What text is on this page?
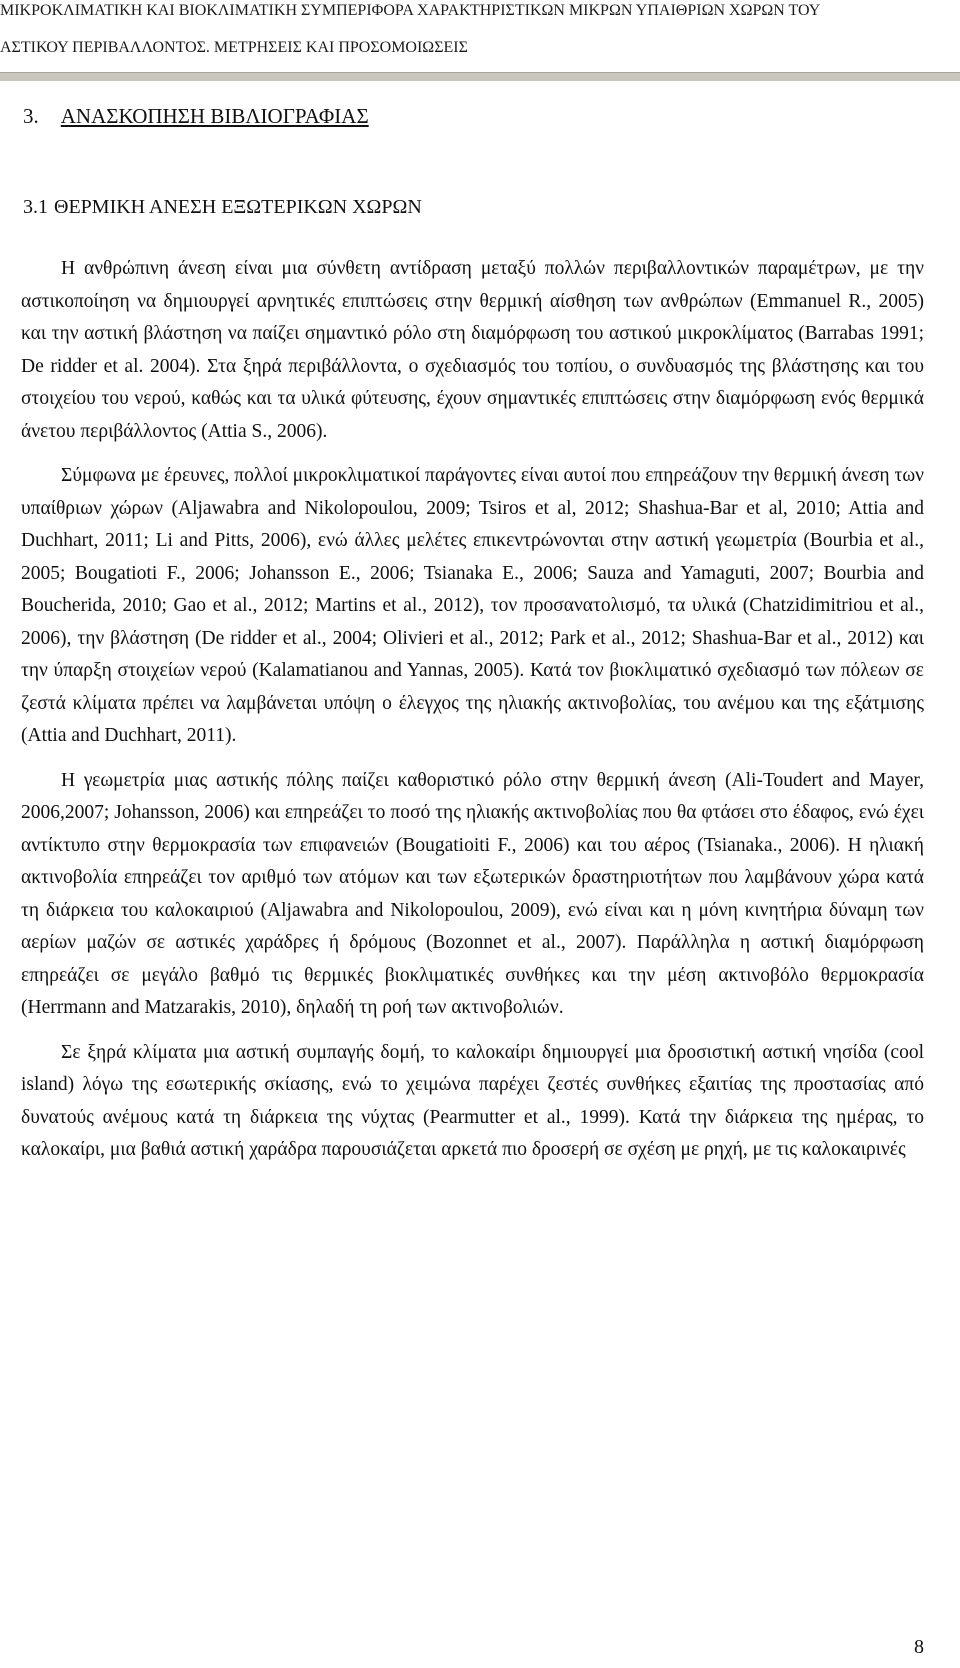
ΜΙΚΡΟΚΛΙΜΑΤΙΚΗ ΚΑΙ ΒΙΟΚΛΙΜΑΤΙΚΗ ΣΥΜΠΕΡΙΦΟΡΑ ΧΑΡΑΚΤΗΡΙΣΤΙΚΩΝ ΜΙΚΡΩΝ ΥΠΑΙΘΡΙΩΝ ΧΩΡΩΝ ΤΟΥ
ΑΣΤΙΚΟΥ ΠΕΡΙΒΑΛΛΟΝΤΟΣ. ΜΕΤΡΗΣΕΙΣ ΚΑΙ ΠΡΟΣΟΜΟΙΩΣΕΙΣ
3. ΑΝΑΣΚΟΠΗΣΗ ΒΙΒΛΙΟΓΡΑΦΙΑΣ
3.1 ΘΕΡΜΙΚΗ ΑΝΕΣΗ ΕΞΩΤΕΡΙΚΩΝ ΧΩΡΩΝ

Η ανθρώπινη άνεση είναι μια σύνθετη αντίδραση μεταξύ πολλών περιβαλλοντικών παραμέτρων, με την αστικοποίηση να δημιουργεί αρνητικές επιπτώσεις στην θερμική αίσθηση των ανθρώπων (Emmanuel R., 2005) και την αστική βλάστηση να παίζει σημαντικό ρόλο στη διαμόρφωση του αστικού μικροκλίματος (Barrabas 1991; De ridder et al. 2004). Στα ξηρά περιβάλλοντα, ο σχεδιασμός του τοπίου, ο συνδυασμός της βλάστησης και του στοιχείου του νερού, καθώς και τα υλικά φύτευσης, έχουν σημαντικές επιπτώσεις στην διαμόρφωση ενός θερμικά άνετου περιβάλλοντος (Attia S., 2006).

Σύμφωνα με έρευνες, πολλοί μικροκλιματικοί παράγοντες είναι αυτοί που επηρεάζουν την θερμική άνεση των υπαίθριων χώρων (Aljawabra and Nikolopoulou, 2009; Tsiros et al, 2012; Shashua-Bar et al, 2010; Attia and Duchhart, 2011; Li and Pitts, 2006), ενώ άλλες μελέτες επικεντρώνονται στην αστική γεωμετρία (Bourbia et al., 2005; Bougatioti F., 2006; Johansson E., 2006; Tsianaka E., 2006; Sauza and Yamaguti, 2007; Bourbia and Boucherida, 2010; Gao et al., 2012; Martins et al., 2012), τον προσανατολισμό, τα υλικά (Chatzidimitriou et al., 2006), την βλάστηση (De ridder et al., 2004; Olivieri et al., 2012; Park et al., 2012; Shashua-Bar et al., 2012) και την ύπαρξη στοιχείων νερού (Kalamatianou and Yannas, 2005). Κατά τον βιοκλιματικό σχεδιασμό των πόλεων σε ζεστά κλίματα πρέπει να λαμβάνεται υπόψη ο έλεγχος της ηλιακής ακτινοβολίας, του ανέμου και της εξάτμισης (Attia and Duchhart, 2011).

Η γεωμετρία μιας αστικής πόλης παίζει καθοριστικό ρόλο στην θερμική άνεση (Ali-Toudert and Mayer, 2006,2007; Johansson, 2006) και επηρεάζει το ποσό της ηλιακής ακτινοβολίας που θα φτάσει στο έδαφος, ενώ έχει αντίκτυπο στην θερμοκρασία των επιφανειών (Bougatioiti F., 2006) και του αέρος (Tsianaka., 2006). Η ηλιακή ακτινοβολία επηρεάζει τον αριθμό των ατόμων και των εξωτερικών δραστηριοτήτων που λαμβάνουν χώρα κατά τη διάρκεια του καλοκαιριού (Aljawabra and Nikolopoulou, 2009), ενώ είναι και η μόνη κινητήρια δύναμη των αερίων μαζών σε αστικές χαράδρες ή δρόμους (Bozonnet et al., 2007). Παράλληλα η αστική διαμόρφωση επηρεάζει σε μεγάλο βαθμό τις θερμικές βιοκλιματικές συνθήκες και την μέση ακτινοβόλο θερμοκρασία (Herrmann and Matzarakis, 2010), δηλαδή τη ροή των ακτινοβολιών.

Σε ξηρά κλίματα μια αστική συμπαγής δομή, το καλοκαίρι δημιουργεί μια δροσιστική αστική νησίδα (cool island) λόγω της εσωτερικής σκίασης, ενώ το χειμώνα παρέχει ζεστές συνθήκες εξαιτίας της προστασίας από δυνατούς ανέμους κατά τη διάρκεια της νύχτας (Pearmutter et al., 1999). Κατά την διάρκεια της ημέρας, το καλοκαίρι, μια βαθιά αστική χαράδρα παρουσιάζεται αρκετά πιο δροσερή σε σχέση με ρηχή, με τις καλοκαιρινές

8
